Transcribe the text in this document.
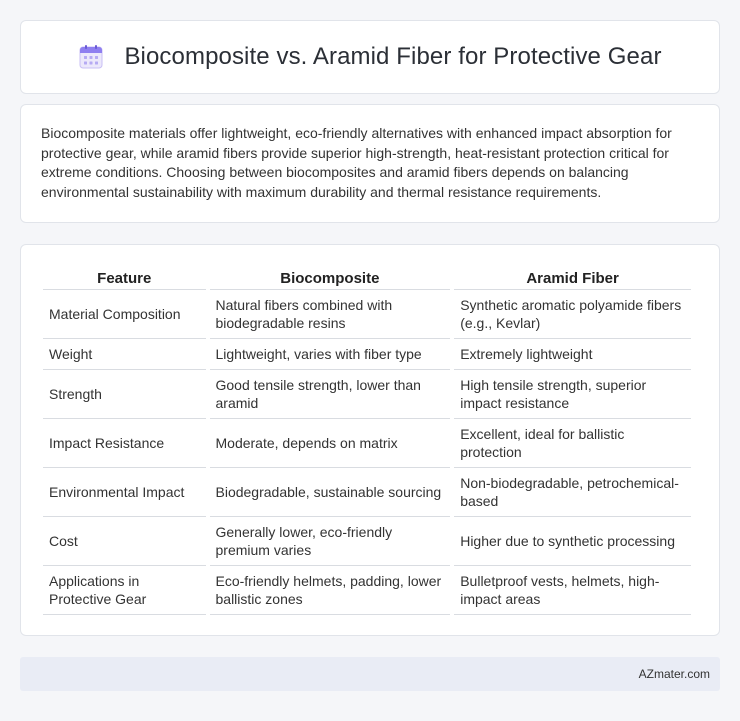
Biocomposite vs. Aramid Fiber for Protective Gear

Biocomposite materials offer lightweight, eco-friendly alternatives with enhanced impact absorption for protective gear, while aramid fibers provide superior high-strength, heat-resistant protection critical for extreme conditions. Choosing between biocomposites and aramid fibers depends on balancing environmental sustainability with maximum durability and thermal resistance requirements.

Feature	Biocomposite	Aramid Fiber
Material Composition	Natural fibers combined with biodegradable resins	Synthetic aromatic polyamide fibers (e.g., Kevlar)
Weight	Lightweight, varies with fiber type	Extremely lightweight
Strength	Good tensile strength, lower than aramid	High tensile strength, superior impact resistance
Impact Resistance	Moderate, depends on matrix	Excellent, ideal for ballistic protection
Environmental Impact	Biodegradable, sustainable sourcing	Non-biodegradable, petrochemical-based
Cost	Generally lower, eco-friendly premium varies	Higher due to synthetic processing
Applications in Protective Gear	Eco-friendly helmets, padding, lower ballistic zones	Bulletproof vests, helmets, high-impact areas
AZmater.com
